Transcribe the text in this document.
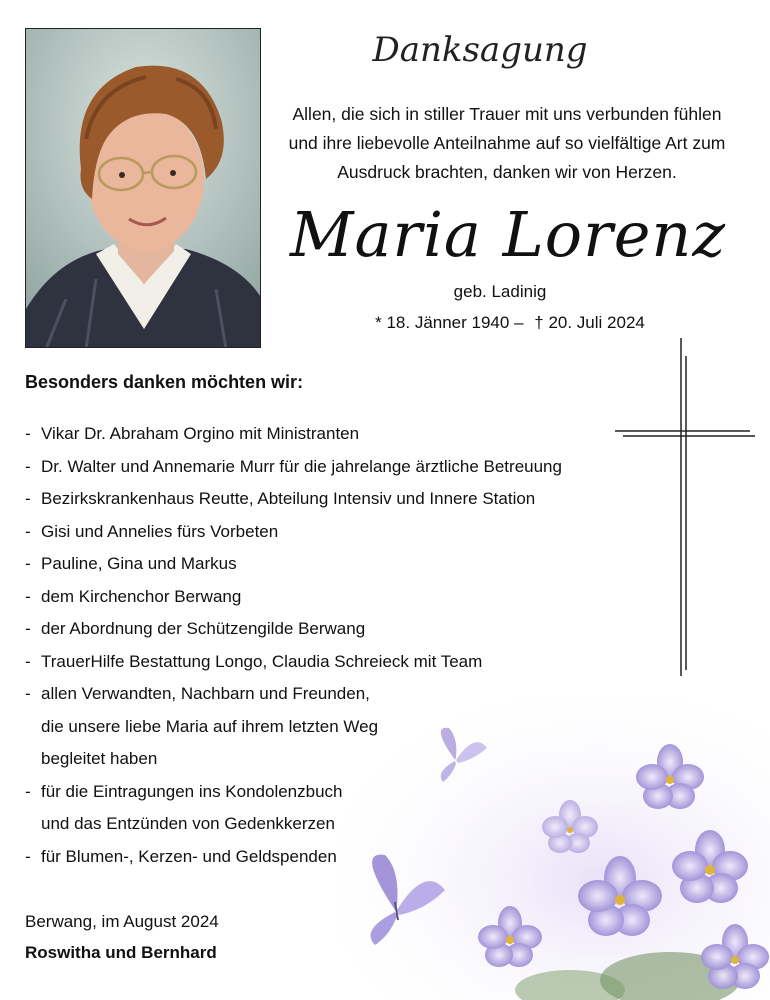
Danksagung
Allen, die sich in stiller Trauer mit uns verbunden fühlen
und ihre liebevolle Anteilnahme auf so vielfältige Art zum
Ausdruck brachten, danken wir von Herzen.
Maria Lorenz
geb. Ladinig
* 18. Jänner 1940 – † 20. Juli 2024
Besonders danken möchten wir:
- Vikar Dr. Abraham Orgino mit Ministranten
- Dr. Walter und Annemarie Murr für die jahrelange ärztliche Betreuung
- Bezirkskrankenhaus Reutte, Abteilung Intensiv und Innere Station
- Gisi und Annelies fürs Vorbeten
- Pauline, Gina und Markus
- dem Kirchenchor Berwang
- der Abordnung der Schützengilde Berwang
- TrauerHilfe Bestattung Longo, Claudia Schreieck mit Team
- allen Verwandten, Nachbarn und Freunden,
die unsere liebe Maria auf ihrem letzten Weg
begleitet haben
- für die Eintragungen ins Kondolenzbuch
und das Entzünden von Gedenkkerzen
- für Blumen-, Kerzen- und Geldspenden
Berwang, im August 2024
Roswitha und Bernhard
